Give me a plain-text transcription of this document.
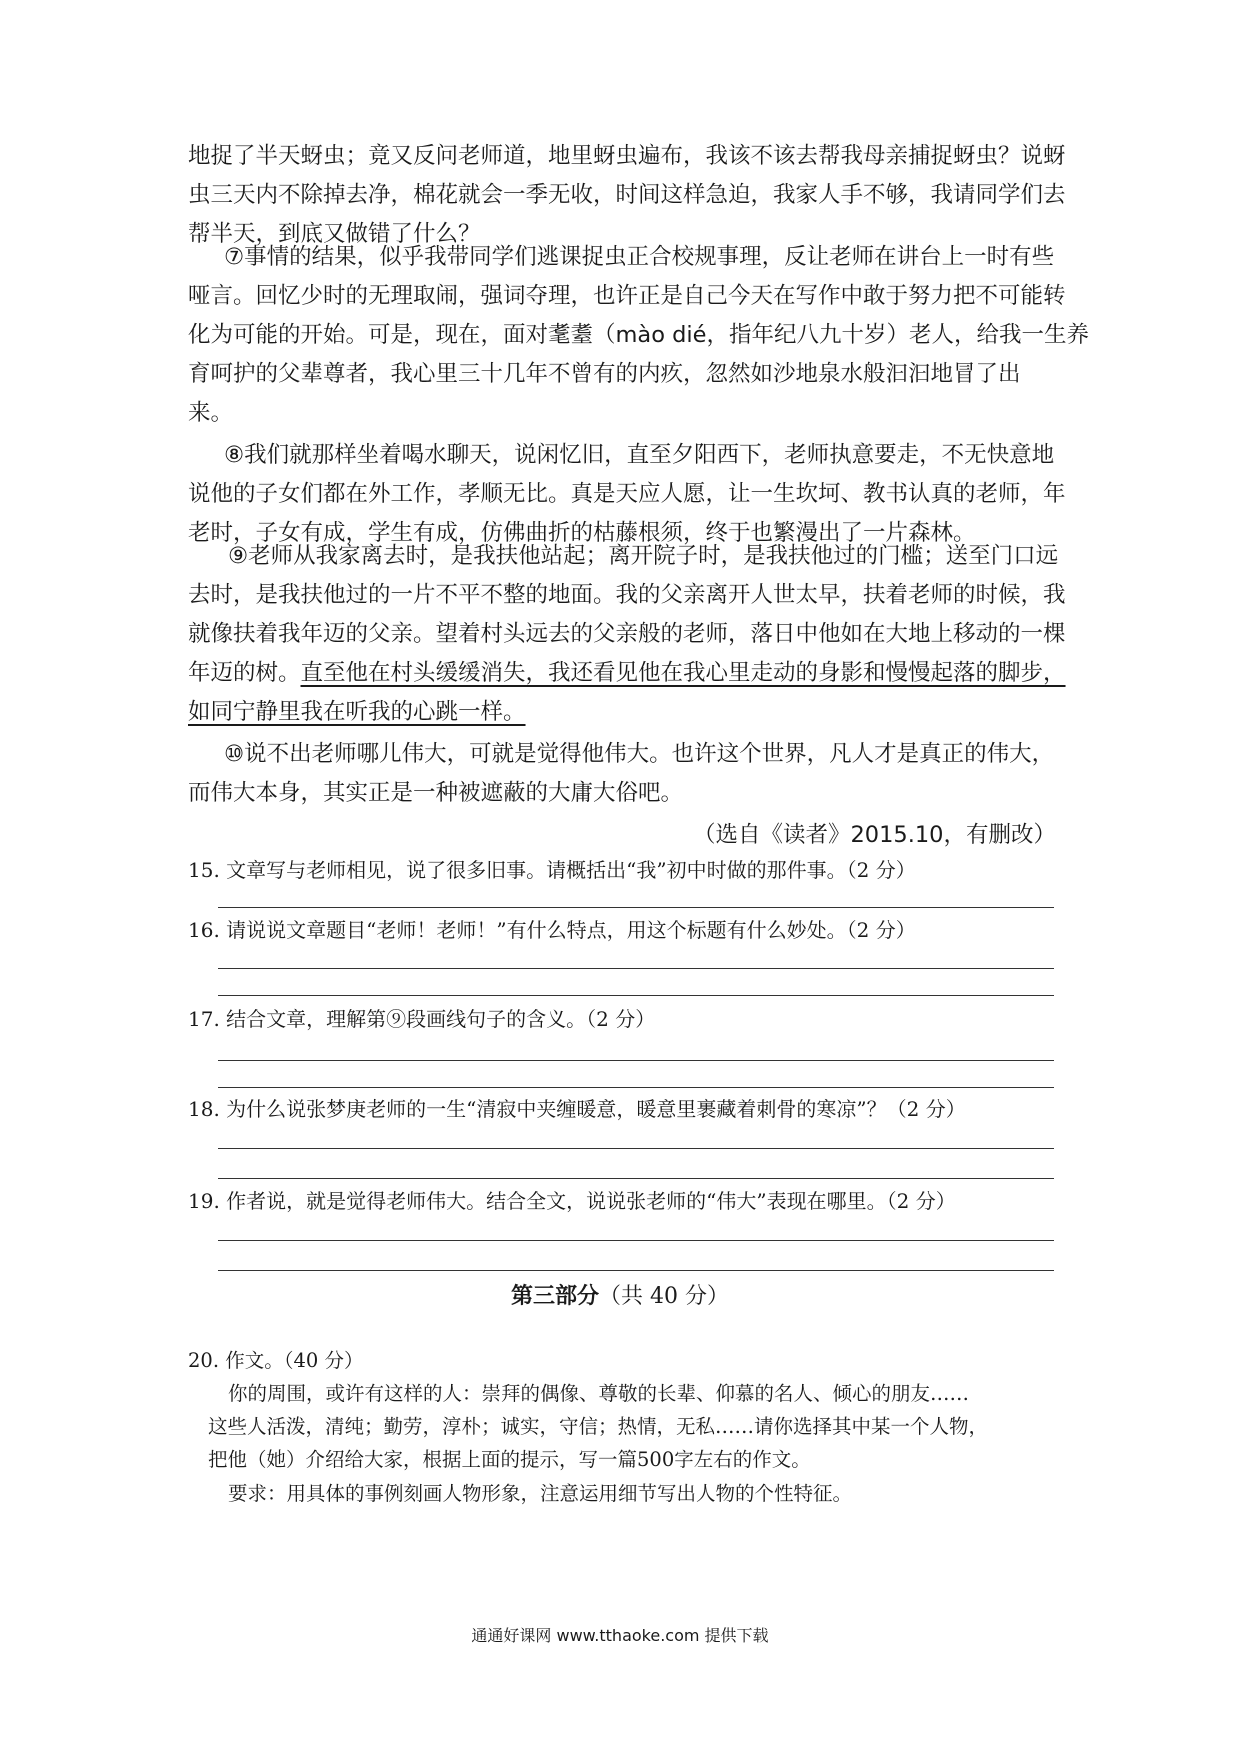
地捉了半天蚜虫；竟又反问老师道，地里蚜虫遍布，我该不该去帮我母亲捕捉蚜虫？说蚜
虫三天内不除掉去净，棉花就会一季无收，时间这样急迫，我家人手不够，我请同学们去
帮半天，到底又做错了什么？
⑦事情的结果，似乎我带同学们逃课捉虫正合校规事理，反让老师在讲台上一时有些
哑言。回忆少时的无理取闹，强词夺理，也许正是自己今天在写作中敢于努力把不可能转
化为可能的开始。可是，现在，面对耄耋（mào dié，指年纪八九十岁）老人，给我一生养
育呵护的父辈尊者，我心里三十几年不曾有的内疚，忽然如沙地泉水般汩汩地冒了出
来。
⑧我们就那样坐着喝水聊天，说闲忆旧，直至夕阳西下，老师执意要走，不无快意地
说他的子女们都在外工作，孝顺无比。真是天应人愿，让一生坎坷、教书认真的老师，年
老时，子女有成，学生有成，仿佛曲折的枯藤根须，终于也繁漫出了一片森林。
⑨老师从我家离去时，是我扶他站起；离开院子时，是我扶他过的门槛；送至门口远
去时，是我扶他过的一片不平不整的地面。我的父亲离开人世太早，扶着老师的时候，我
就像扶着我年迈的父亲。望着村头远去的父亲般的老师，落日中他如在大地上移动的一棵
年迈的树。直至他在村头缓缓消失，我还看见他在我心里走动的身影和慢慢起落的脚步，
如同宁静里我在听我的心跳一样。
⑩说不出老师哪儿伟大，可就是觉得他伟大。也许这个世界，凡人才是真正的伟大，
而伟大本身，其实正是一种被遮蔽的大庸大俗吧。
（选自《读者》2015.10，有删改）
15. 文章写与老师相见，说了很多旧事。请概括出“我”初中时做的那件事。（2 分）
16. 请说说文章题目“老师！老师！”有什么特点，用这个标题有什么妙处。（2 分）
17. 结合文章，理解第⑨段画线句子的含义。（2 分）
18. 为什么说张梦庚老师的一生“清寂中夹缠暖意，暖意里裹藏着刺骨的寒凉”？（2 分）
19. 作者说，就是觉得老师伟大。结合全文，说说张老师的“伟大”表现在哪里。（2 分）
第三部分（共 40 分）
20. 作文。（40 分）
你的周围，或许有这样的人：崇拜的偶像、尊敬的长辈、仰慕的名人、倾心的朋友……
这些人活泼，清纯；勤劳，淳朴；诚实，守信；热情，无私……请你选择其中某一个人物，
把他（她）介绍给大家，根据上面的提示，写一篇500字左右的作文。
要求：用具体的事例刻画人物形象，注意运用细节写出人物的个性特征。
通通好课网 www.tthaoke.com 提供下载
